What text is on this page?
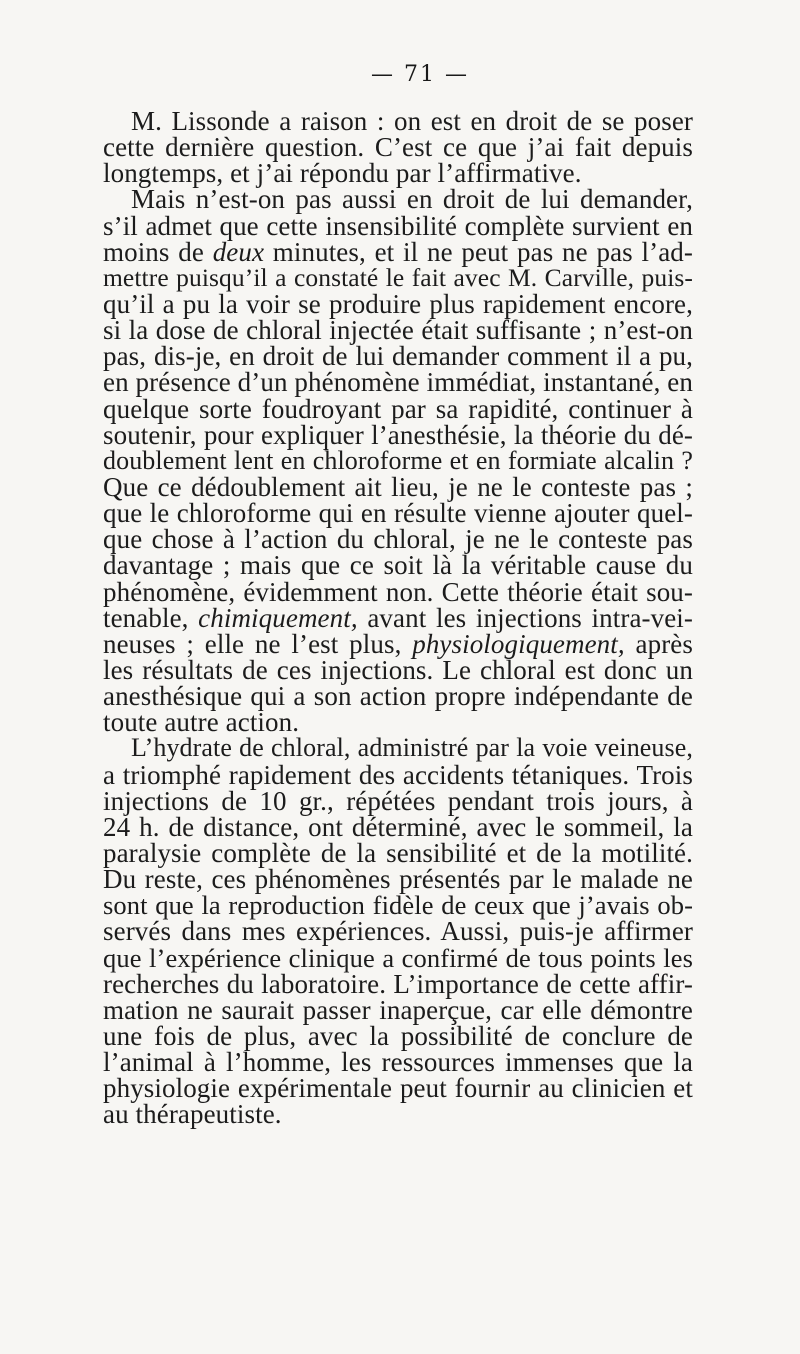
— 71 —
M. Lissonde a raison : on est en droit de se poser
cette dernière question. C’est ce que j’ai fait depuis
longtemps, et j’ai répondu par l’affirmative.
Mais n’est-on pas aussi en droit de lui demander,
s’il admet que cette insensibilité complète survient en
moins de deux minutes, et il ne peut pas ne pas l’ad-
mettre puisqu’il a constaté le fait avec M. Carville, puis-
qu’il a pu la voir se produire plus rapidement encore,
si la dose de chloral injectée était suffisante ; n’est-on
pas, dis-je, en droit de lui demander comment il a pu,
en présence d’un phénomène immédiat, instantané, en
quelque sorte foudroyant par sa rapidité, continuer à
soutenir, pour expliquer l’anesthésie, la théorie du dé-
doublement lent en chloroforme et en formiate alcalin ?
Que ce dédoublement ait lieu, je ne le conteste pas ;
que le chloroforme qui en résulte vienne ajouter quel-
que chose à l’action du chloral, je ne le conteste pas
davantage ; mais que ce soit là la véritable cause du
phénomène, évidemment non. Cette théorie était sou-
tenable, chimiquement, avant les injections intra-vei-
neuses ; elle ne l’est plus, physiologiquement, après
les résultats de ces injections. Le chloral est donc un
anesthésique qui a son action propre indépendante de
toute autre action.
L’hydrate de chloral, administré par la voie veineuse,
a triomphé rapidement des accidents tétaniques. Trois
injections de 10 gr., répétées pendant trois jours, à
24 h. de distance, ont déterminé, avec le sommeil, la
paralysie complète de la sensibilité et de la motilité.
Du reste, ces phénomènes présentés par le malade ne
sont que la reproduction fidèle de ceux que j’avais ob-
servés dans mes expériences. Aussi, puis-je affirmer
que l’expérience clinique a confirmé de tous points les
recherches du laboratoire. L’importance de cette affir-
mation ne saurait passer inaperçue, car elle démontre
une fois de plus, avec la possibilité de conclure de
l’animal à l’homme, les ressources immenses que la
physiologie expérimentale peut fournir au clinicien et
au thérapeutiste.
